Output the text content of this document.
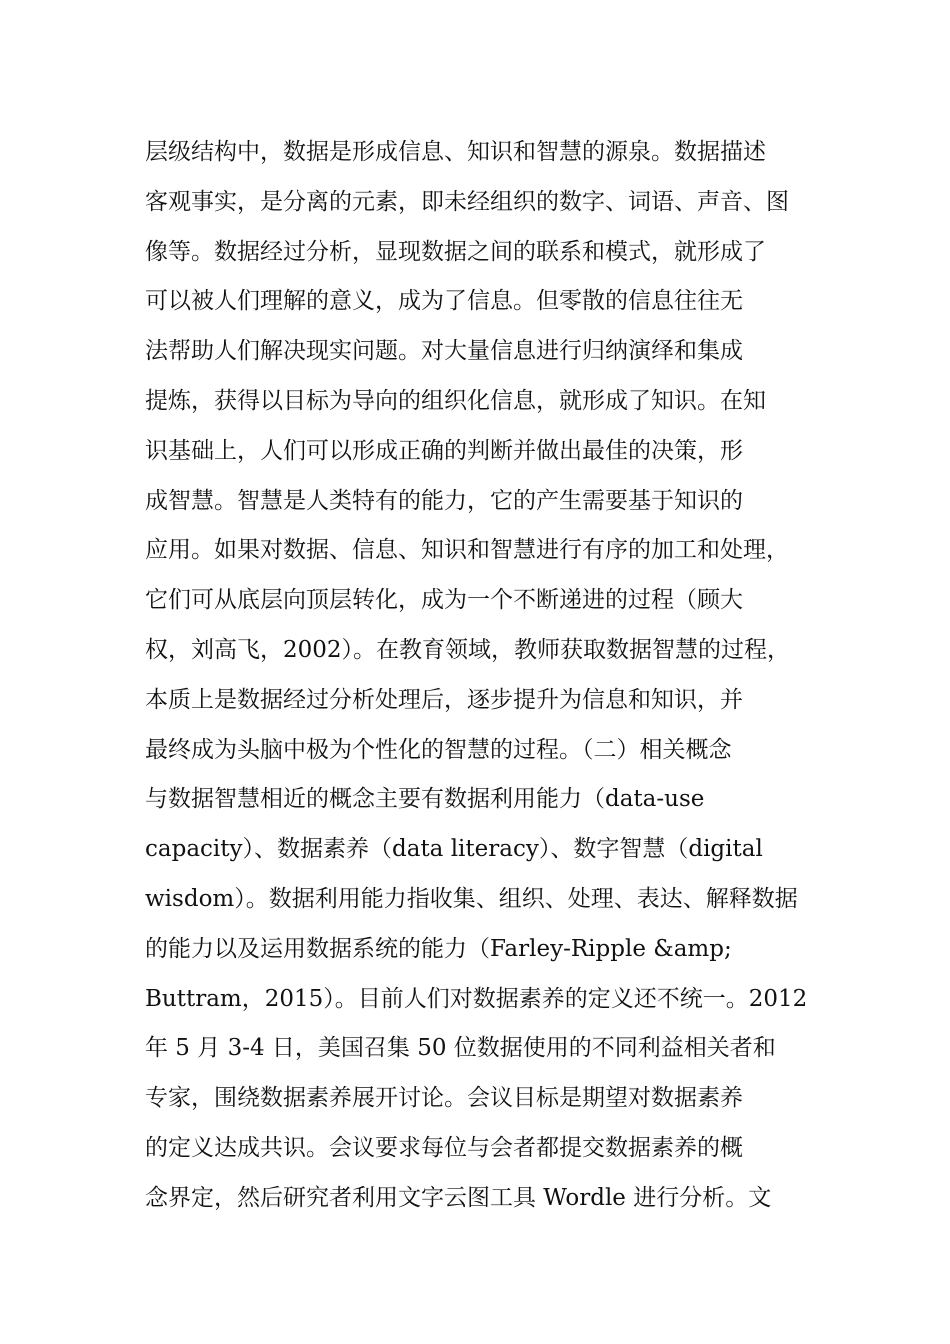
层级结构中，数据是形成信息、知识和智慧的源泉。数据描述
客观事实，是分离的元素，即未经组织的数字、词语、声音、图
像等。数据经过分析，显现数据之间的联系和模式，就形成了
可以被人们理解的意义，成为了信息。但零散的信息往往无
法帮助人们解决现实问题。对大量信息进行归纳演绎和集成
提炼，获得以目标为导向的组织化信息，就形成了知识。在知
识基础上，人们可以形成正确的判断并做出最佳的决策，形
成智慧。智慧是人类特有的能力，它的产生需要基于知识的
应用。如果对数据、信息、知识和智慧进行有序的加工和处理，
它们可从底层向顶层转化，成为一个不断递进的过程（顾大
权，刘高飞，2002）。在教育领域，教师获取数据智慧的过程，
本质上是数据经过分析处理后，逐步提升为信息和知识，并
最终成为头脑中极为个性化的智慧的过程。（二）相关概念
与数据智慧相近的概念主要有数据利用能力（data-use
capacity）、数据素养（data literacy）、数字智慧（digital
wisdom）。数据利用能力指收集、组织、处理、表达、解释数据
的能力以及运用数据系统的能力（Farley-Ripple &amp;
Buttram，2015）。目前人们对数据素养的定义还不统一。2012
年 5 月 3-4 日，美国召集 50 位数据使用的不同利益相关者和
专家，围绕数据素养展开讨论。会议目标是期望对数据素养
的定义达成共识。会议要求每位与会者都提交数据素养的概
念界定，然后研究者利用文字云图工具 Wordle 进行分析。文
